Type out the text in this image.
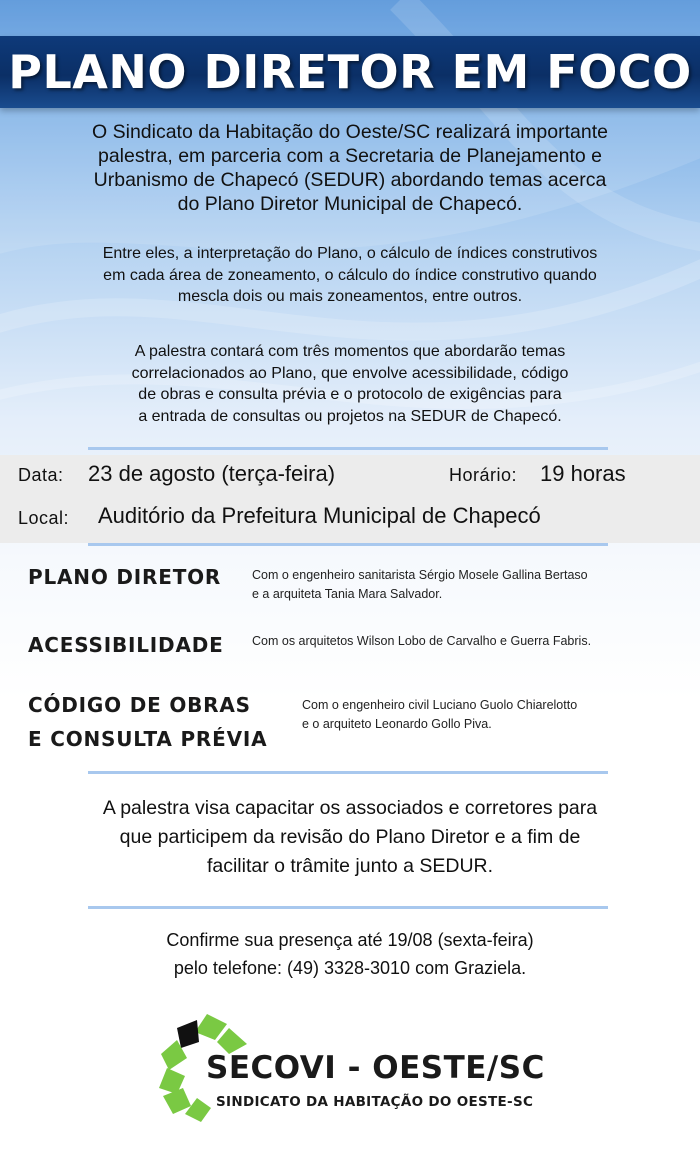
PLANO DIRETOR EM FOCO
O Sindicato da Habitação do Oeste/SC realizará importante
palestra, em parceria com a Secretaria de Planejamento e
Urbanismo de Chapecó (SEDUR) abordando temas acerca
do Plano Diretor Municipal de Chapecó.
Entre eles, a interpretação do Plano, o cálculo de índices construtivos
em cada área de zoneamento, o cálculo do índice construtivo quando
mescla dois ou mais zoneamentos, entre outros.
A palestra contará com três momentos que abordarão temas
correlacionados ao Plano, que envolve acessibilidade, código
de obras e consulta prévia e o protocolo de exigências para
a entrada de consultas ou projetos na SEDUR de Chapecó.
Data: 23 de agosto (terça-feira)	Horário: 19 horas
Local: Auditório da Prefeitura Municipal de Chapecó
PLANO DIRETOR Com o engenheiro sanitarista Sérgio Mosele Gallina Bertaso
e a arquiteta Tania Mara Salvador.
ACESSIBILIDADE Com os arquitetos Wilson Lobo de Carvalho e Guerra Fabris.
CÓDIGO DE OBRAS
E CONSULTA PRÉVIA
Com o engenheiro civil Luciano Guolo Chiarelotto
e o arquiteto Leonardo Gollo Piva.
A palestra visa capacitar os associados e corretores para
que participem da revisão do Plano Diretor e a fim de
facilitar o trâmite junto a SEDUR.
Confirme sua presença até 19/08 (sexta-feira)
pelo telefone: (49) 3328-3010 com Graziela.
SECOVI - OESTE/SC
SINDICATO DA HABITAÇÃO DO OESTE-SC
